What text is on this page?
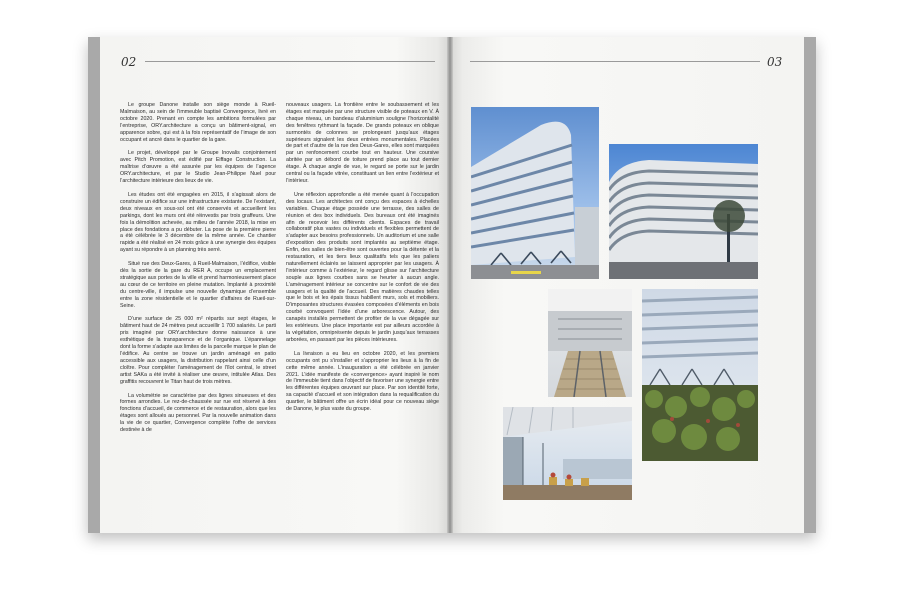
02

Le groupe Danone installe son siège monde à Rueil-Malmaison, au sein de l’immeuble baptisé Convergence, livré en octobre 2020. Prenant en compte les ambitions formulées par l’entreprise, ORY.architecture a conçu un bâtiment-signal, en apparence sobre, qui est à la fois représentatif de l’image de son occupant et ancré dans le quartier de la gare.

Le projet, développé par le Groupe Inovalis conjointement avec Pitch Promotion, est édifié par Eiffage Construction. La maîtrise d’œuvre a été assurée par les équipes de l’agence ORY.architecture, et par le Studio Jean-Philippe Nuel pour l’architecture intérieure des lieux de vie.

Les études ont été engagées en 2015, il s’agissait alors de construire un édifice sur une infrastructure existante. De l’existant, deux niveaux en sous-sol ont été conservés et accueillent les parkings, dont les murs ont été réinvestis par trois graffeurs. Une fois la démolition achevée, au milieu de l’année 2018, la mise en place des fondations a pu débuter. La pose de la première pierre a été célébrée le 3 décembre de la même année. Ce chantier rapide a été réalisé en 24 mois grâce à une synergie des équipes ayant su répondre à un planning très serré.

Situé rue des Deux-Gares, à Rueil-Malmaison, l’édifice, visible dès la sortie de la gare du RER A, occupe un emplacement stratégique aux portes de la ville et prend harmonieusement place au cœur de ce territoire en pleine mutation. Implanté à proximité du centre-ville, il impulse une nouvelle dynamique d’ensemble entre la zone résidentielle et le quartier d’affaires de Rueil-sur-Seine.

D’une surface de 25 000 m² répartis sur sept étages, le bâtiment haut de 24 mètres peut accueillir 1 700 salariés. Le parti pris imaginé par ORY.architecture donne naissance à une esthétique de la transparence et de l’organique. L’épannelage dont la forme s’adapte aux limites de la parcelle marque le plan de l’édifice. Au centre se trouve un jardin aménagé en patio accessible aux usagers, la distribution rappelant ainsi celle d’un cloître. Pour compléter l’aménagement de l’îlot central, le street artist SAKa a été invité à réaliser une œuvre, intitulée Atlas. Des graffitis recouvrent le Titan haut de trois mètres.

La volumétrie se caractérise par des lignes sinueuses et des formes arrondies. Le rez-de-chaussée sur rue est réservé à des fonctions d’accueil, de commerce et de restauration, alors que les étages sont alloués au personnel. Par la nouvelle animation dans la vie de ce quartier, Convergence complète l’offre de services destinée à de

nouveaux usagers. La frontière entre le soubassement et les étages est marquée par une structure visible de poteaux en V. À chaque niveau, un bandeau d’aluminium souligne l’horizontalité des fenêtres rythmant la façade. De grands poteaux en oblique surmontés de colonnes se prolongeant jusqu’aux étages supérieurs signalent les deux entrées monumentales. Placées de part et d’autre de la rue des Deux-Gares, elles sont marquées par un renfoncement courbe tout en hauteur. Une coursive abritée par un débord de toiture prend place au tout dernier étage. À chaque angle de vue, le regard se porte sur le jardin central ou la façade vitrée, constituant un lien entre l’extérieur et l’intérieur.

Une réflexion approfondie a été menée quant à l’occupation des locaux. Les architectes ont conçu des espaces à échelles variables. Chaque étage possède une terrasse, des salles de réunion et des box individuels. Des bureaux ont été imaginés afin de recevoir les différents clients. Espaces de travail collaboratif plus vastes ou individuels et flexibles permettent de s’adapter aux besoins professionnels. Un auditorium et une salle d’exposition des produits sont implantés au septième étage. Enfin, des salles de bien-être sont ouvertes pour la détente et la restauration, et les tiers lieux qualitatifs tels que les paliers naturellement éclairés se laissent approprier par les usagers. À l’intérieur comme à l’extérieur, le regard glisse sur l’architecture souple aux lignes courbes sans se heurter à aucun angle. L’aménagement intérieur se concentre sur le confort de vie des usagers et la qualité de l’accueil. Des matières chaudes telles que le bois et les épais tissus habillent murs, sols et mobiliers. D’imposantes structures évasées composées d’éléments en bois courbé convoquent l’idée d’une arborescence. Autour, des canapés installés permettent de profiter de la vue dégagée sur les extérieurs. Une place importante est par ailleurs accordée à la végétation, omniprésente depuis le jardin jusqu’aux terrasses arborées, en passant par les pièces intérieures.

La livraison a eu lieu en octobre 2020, et les premiers occupants ont pu s’installer et s’approprier les lieux à la fin de cette même année. L’inauguration a été célébrée en janvier 2021. L’idée manifeste de «convergence» ayant inspiré le nom de l’immeuble tient dans l’objectif de favoriser une synergie entre les différentes équipes œuvrant sur place. Par son identité forte, sa capacité d’accueil et son intégration dans la requalification du quartier, le bâtiment offre un écrin idéal pour ce nouveau siège de Danone, le plus vaste du groupe.

03
